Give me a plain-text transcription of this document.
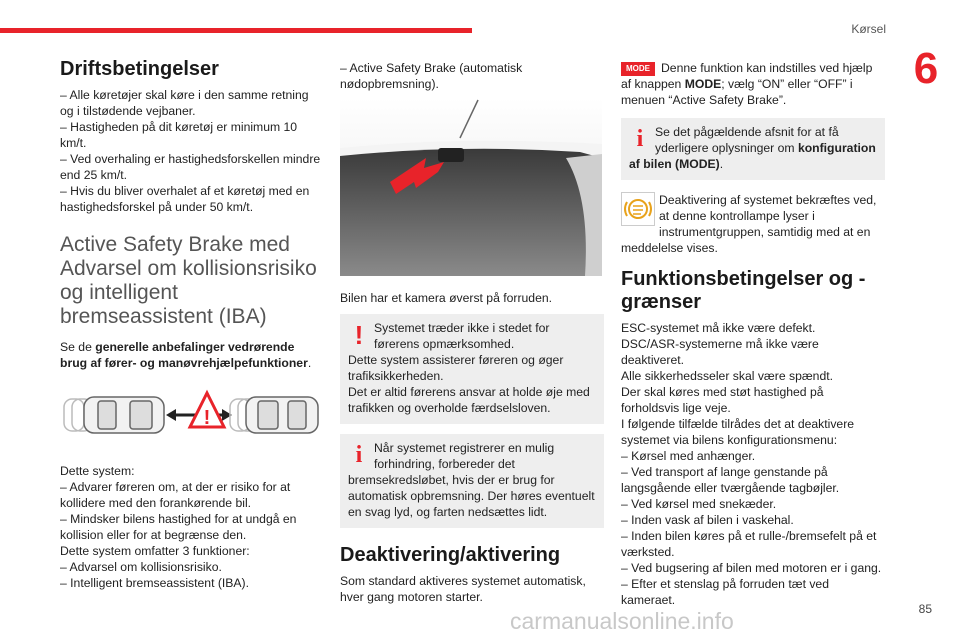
Kørsel
6
Driftsbetingelser

– Alle køretøjer skal køre i den samme retning og i tilstødende vejbaner.

– Hastigheden på dit køretøj er minimum 10 km/t.

– Ved overhaling er hastighedsforskellen mindre end 25 km/t.

– Hvis du bliver overhalet af et køretøj med en hastighedsforskel på under 50 km/t.

Active Safety Brake med Advarsel om kollisionsrisiko og intelligent bremseassistent (IBA)

Se de generelle anbefalinger vedrørende brug af fører- og manøvrehjælpefunktioner.

!

Dette system:

– Advarer føreren om, at der er risiko for at kollidere med den forankørende bil.

– Mindsker bilens hastighed for at undgå en kollision eller for at begrænse den.

Dette system omfatter 3 funktioner:

– Advarsel om kollisionsrisiko.

– Intelligent bremseassistent (IBA).

– Active Safety Brake (automatisk nødopbremsning).

Bilen har et kamera øverst på forruden.

! Systemet træder ikke i stedet for førerens opmærksomhed.

Dette system assisterer føreren og øger trafiksikkerheden.

Det er altid førerens ansvar at holde øje med trafikken og overholde færdselsloven.

i Når systemet registrerer en mulig forhindring, forbereder det bremsekredsløbet, hvis der er brug for automatisk opbremsning. Der høres eventuelt en svag lyd, og farten nedsættes lidt.
Deaktivering/aktivering

Som standard aktiveres systemet automatisk, hver gang motoren starter.

MODE Denne funktion kan indstilles ved hjælp af knappen MODE; vælg “ON” eller “OFF” i menuen “Active Safety Brake”.
i Se det pågældende afsnit for at få yderligere oplysninger om konfiguration af bilen (MODE).
Deaktivering af systemet bekræftes ved, at denne kontrollampe lyser i instrumentgruppen, samtidig med at en meddelelse vises.
Funktionsbetingelser og -grænser

ESC-systemet må ikke være defekt.

DSC/ASR-systemerne må ikke være deaktiveret.

Alle sikkerhedsseler skal være spændt.

Der skal køres med støt hastighed på forholdsvis lige veje.

I følgende tilfælde tilrådes det at deaktivere systemet via bilens konfigurationsmenu:

– Kørsel med anhænger.

– Ved transport af lange genstande på langsgående eller tværgående tagbøjler.

– Ved kørsel med snekæder.

– Inden vask af bilen i vaskehal.

– Inden bilen køres på et rulle-/bremsefelt på et værksted.

– Ved bugsering af bilen med motoren er i gang.

– Efter et stenslag på forruden tæt ved kameraet.

85
carmanualsonline.info
